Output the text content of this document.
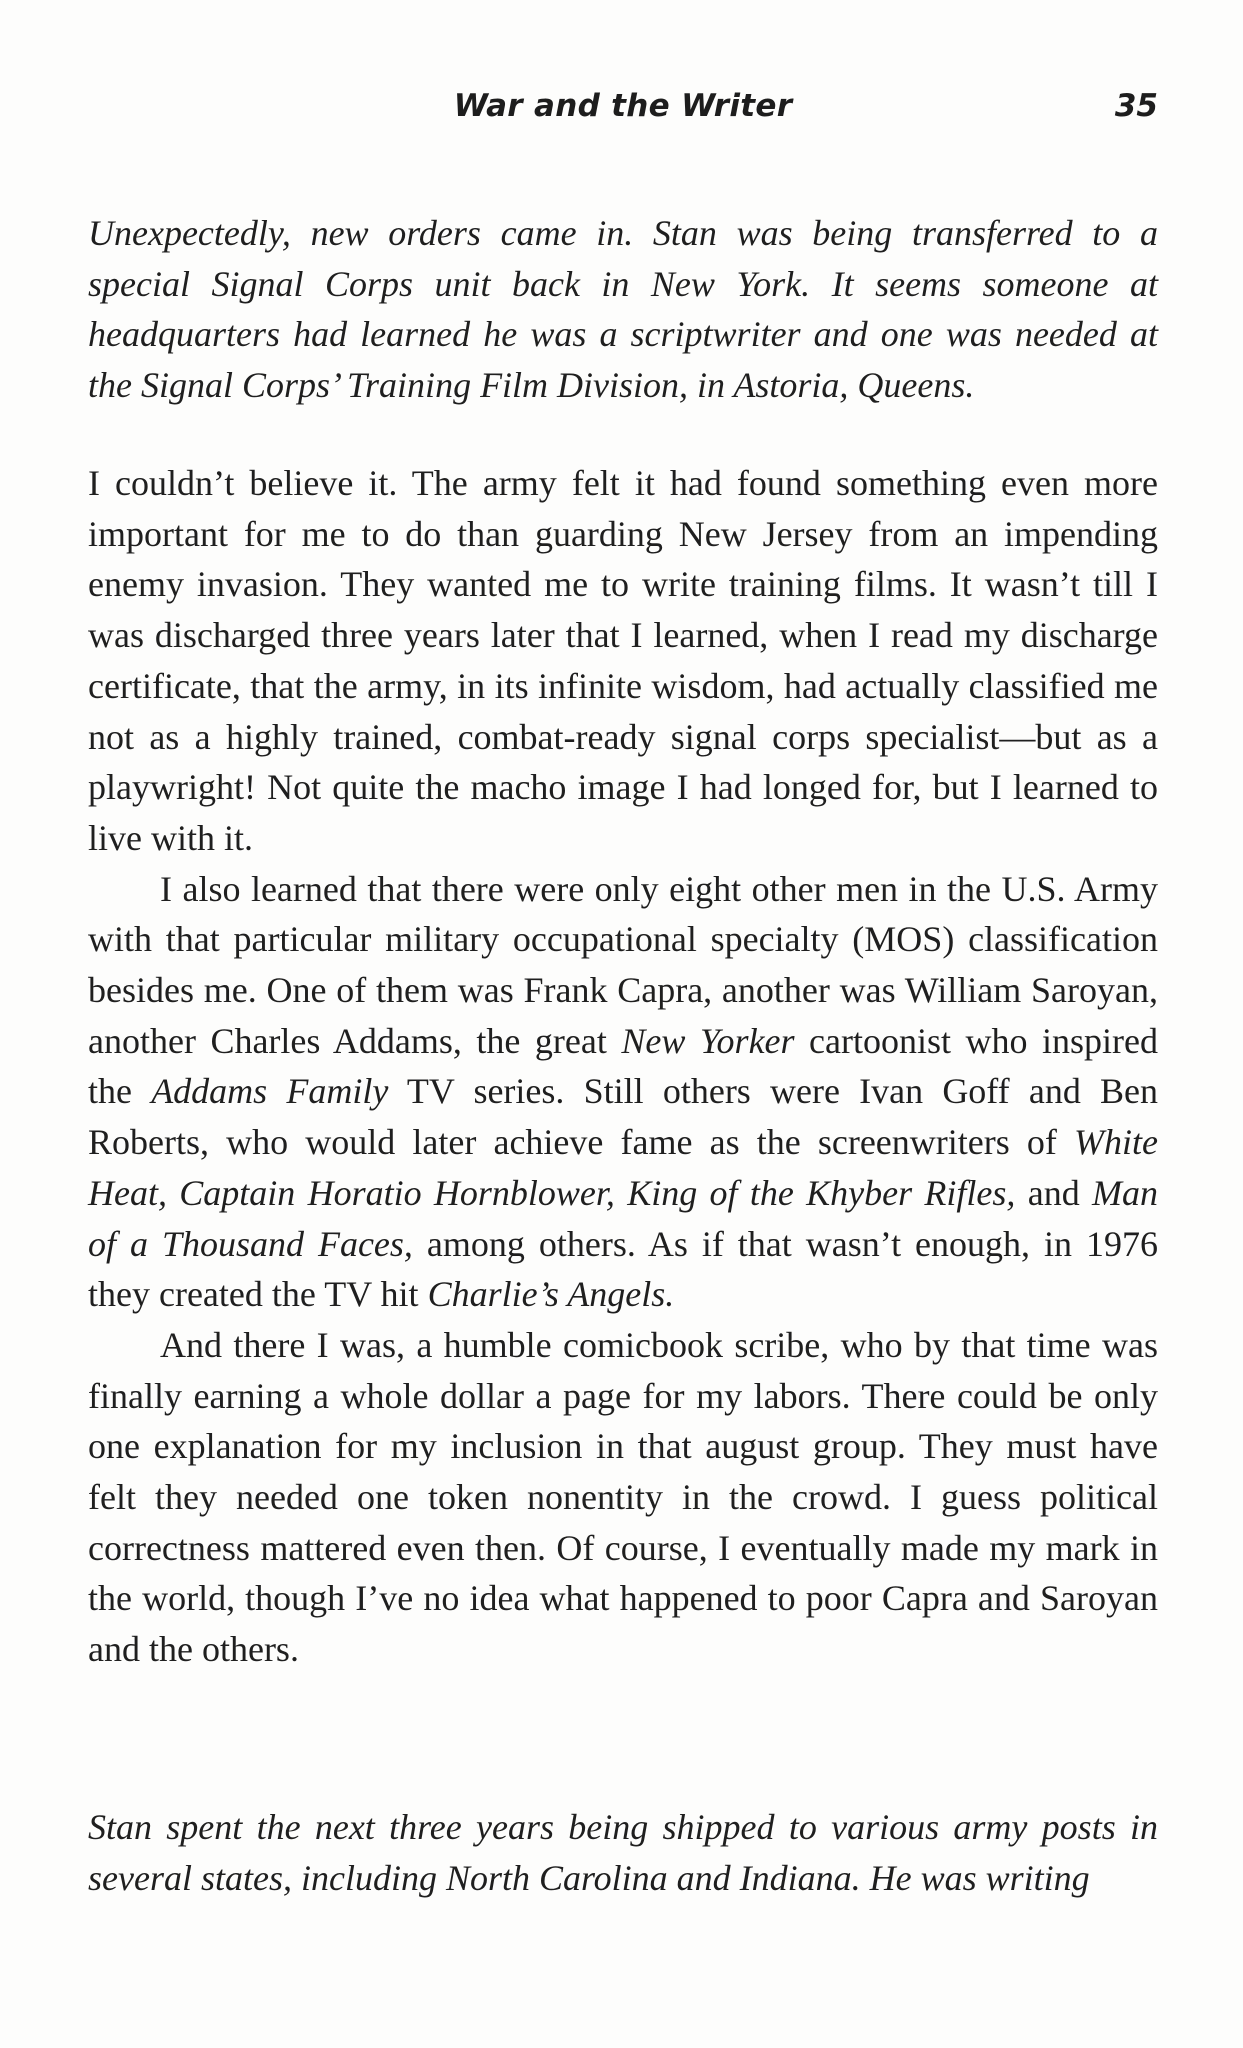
War and the Writer	35

Unexpectedly, new orders came in. Stan was being transferred to a special Signal Corps unit back in New York. It seems someone at headquarters had learned he was a scriptwriter and one was needed at the Signal Corps’ Training Film Division, in Astoria, Queens.

I couldn’t believe it. The army felt it had found something even more important for me to do than guarding New Jersey from an impending enemy invasion. They wanted me to write training films. It wasn’t till I was discharged three years later that I learned, when I read my discharge certificate, that the army, in its infinite wisdom, had actually classified me not as a highly trained, combat-ready signal corps specialist—but as a playwright! Not quite the macho image I had longed for, but I learned to live with it.

I also learned that there were only eight other men in the U.S. Army with that particular military occupational specialty (MOS) classification besides me. One of them was Frank Capra, another was William Saroyan, another Charles Addams, the great New Yorker cartoonist who inspired the Addams Family TV series. Still others were Ivan Goff and Ben Roberts, who would later achieve fame as the screenwriters of White Heat, Captain Horatio Hornblower, King of the Khyber Rifles, and Man of a Thousand Faces, among others. As if that wasn’t enough, in 1976 they created the TV hit Charlie’s Angels.

And there I was, a humble comicbook scribe, who by that time was finally earning a whole dollar a page for my labors. There could be only one explanation for my inclusion in that august group. They must have felt they needed one token nonentity in the crowd. I guess political correctness mattered even then. Of course, I eventually made my mark in the world, though I’ve no idea what happened to poor Capra and Saroyan and the others.

Stan spent the next three years being shipped to various army posts in several states, including North Carolina and Indiana. He was writing
